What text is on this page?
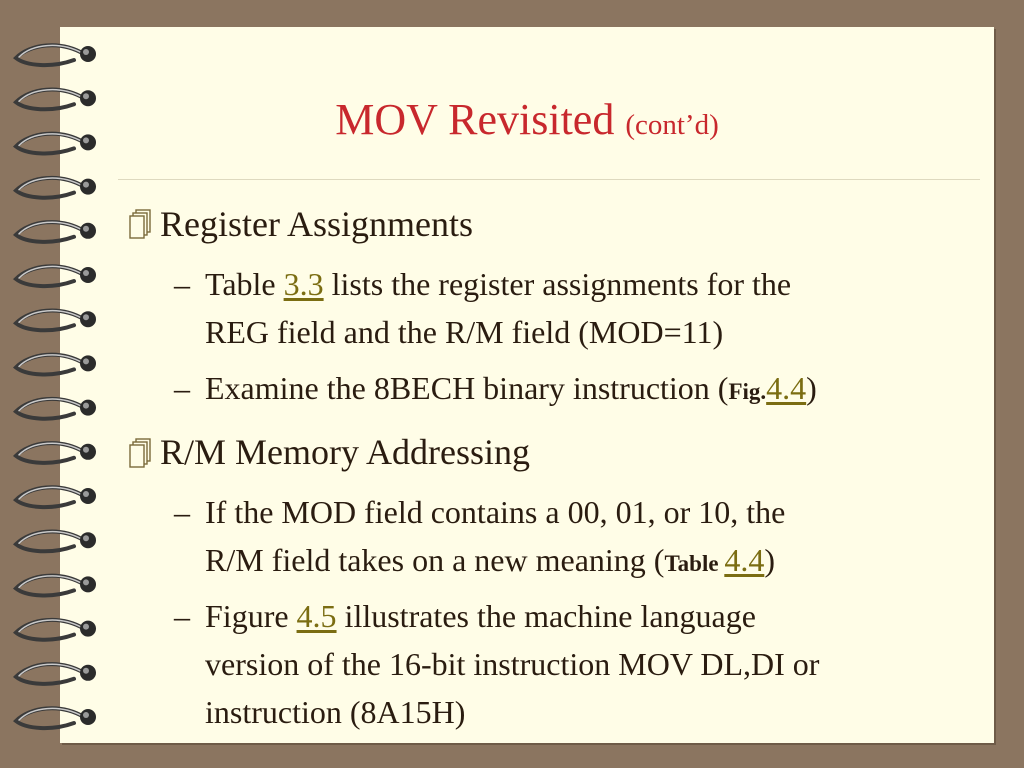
MOV Revisited (cont’d)
Register Assignments
– Table 3.3 lists the register assignments for the
REG field and the R/M field (MOD=11)
– Examine the 8BECH binary instruction (Fig.4.4)
R/M Memory Addressing
– If the MOD field contains a 00, 01, or 10, the
R/M field takes on a new meaning (Table 4.4)
– Figure 4.5 illustrates the machine language
version of the 16-bit instruction MOV DL,DI or
instruction (8A15H)
